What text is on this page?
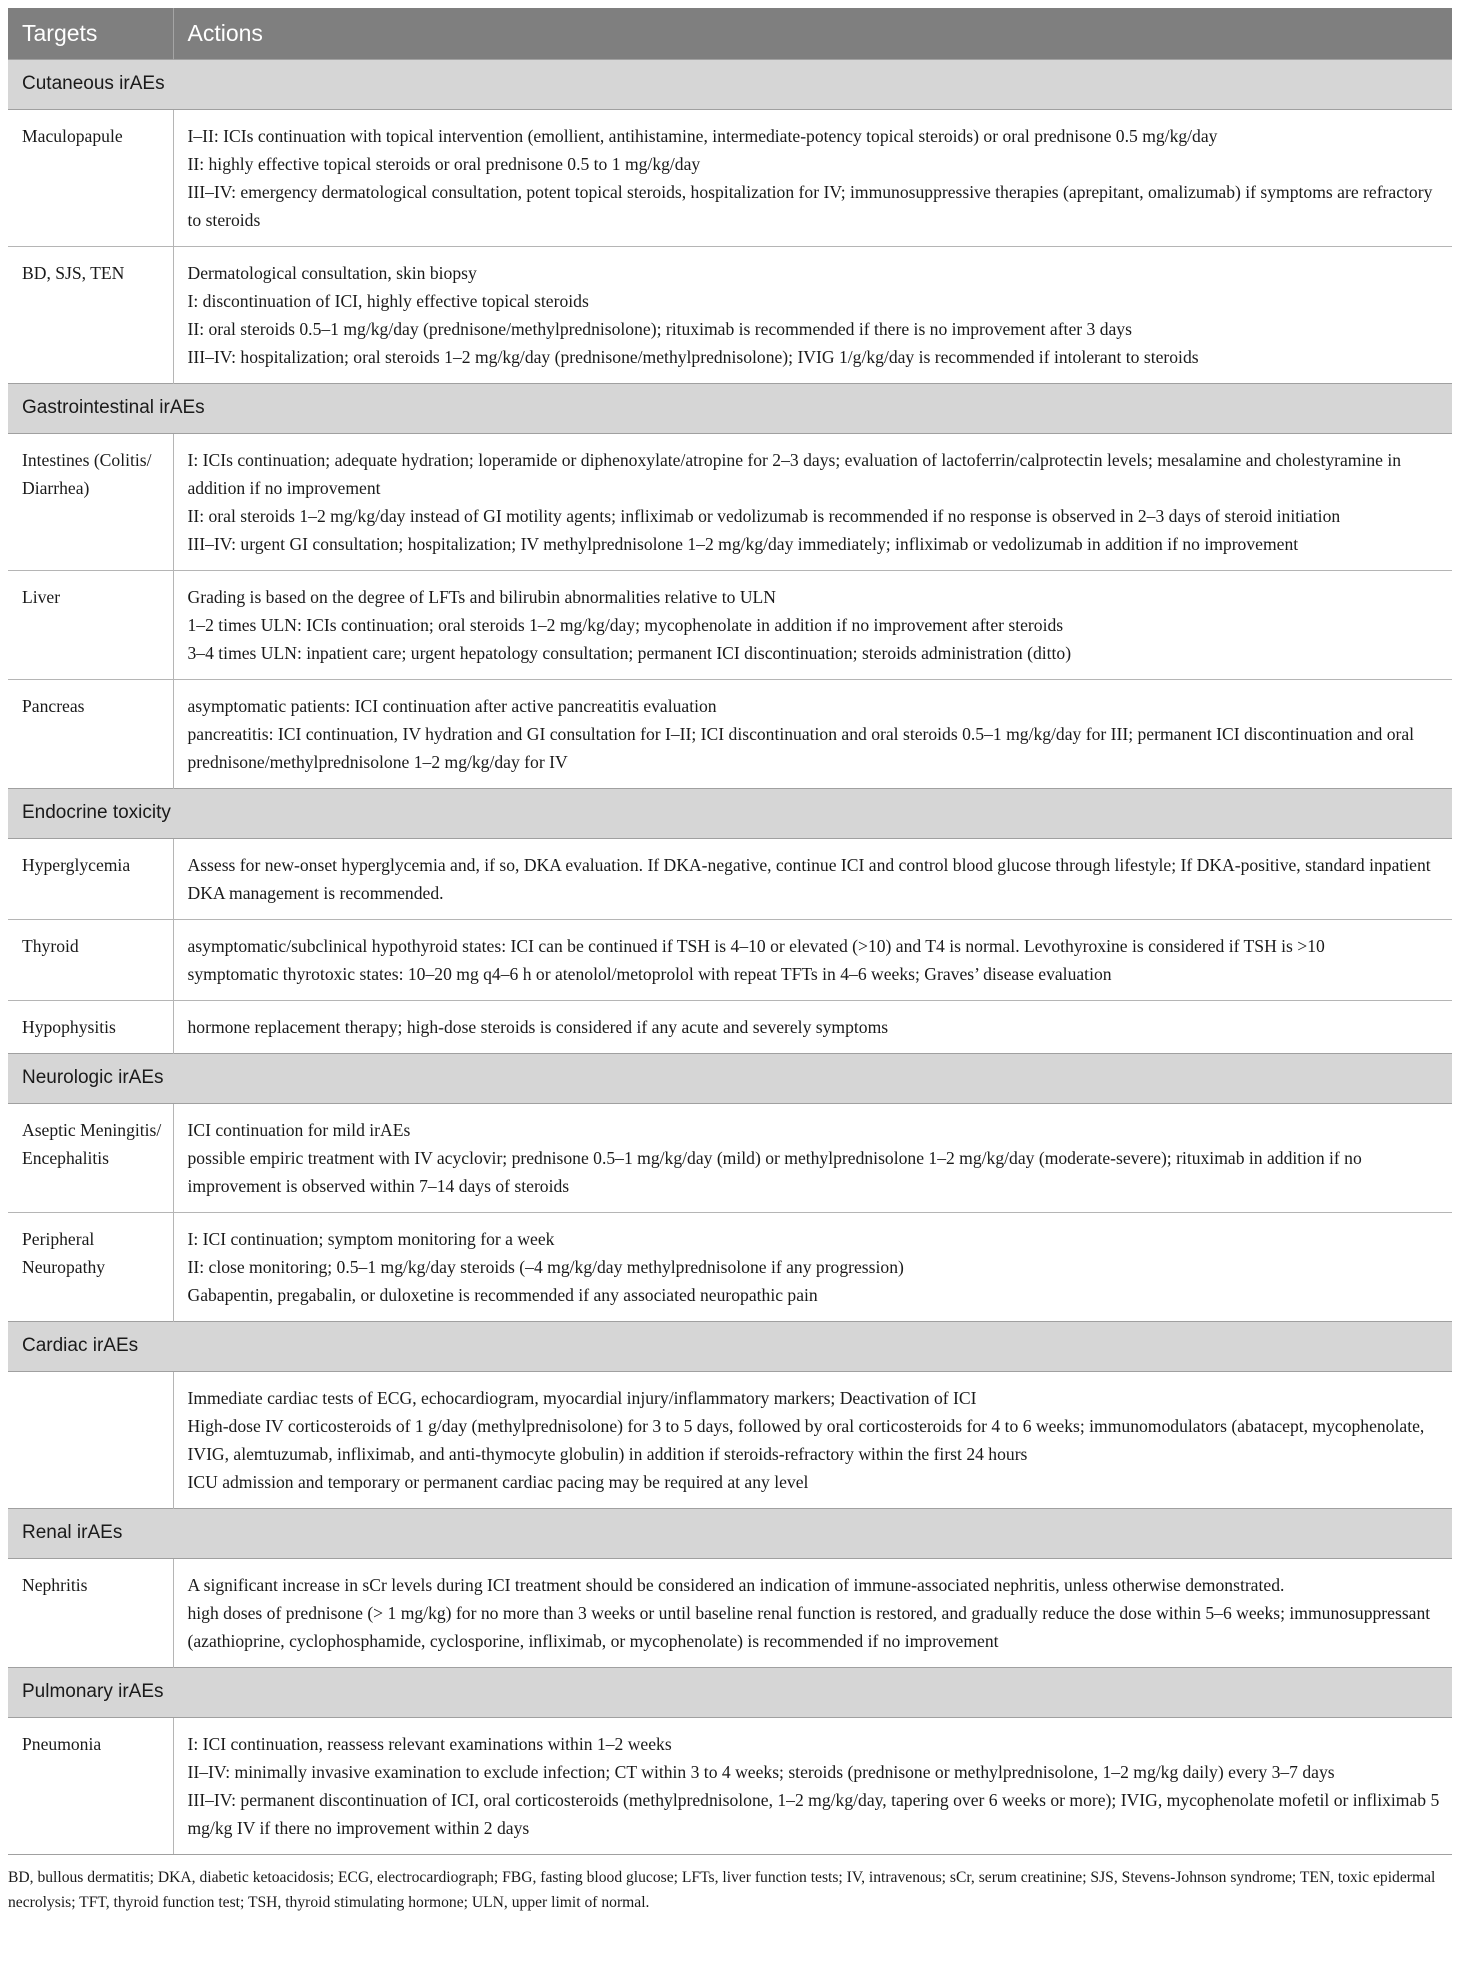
Targets	Actions
Cutaneous irAEs	
Maculopapule	I–II: ICIs continuation with topical intervention (emollient, antihistamine, intermediate-potency topical steroids) or oral prednisone 0.5 mg/kg/day
II: highly effective topical steroids or oral prednisone 0.5 to 1 mg/kg/day
III–IV: emergency dermatological consultation, potent topical steroids, hospitalization for IV; immunosuppressive therapies (aprepitant, omalizumab) if symptoms are refractory to steroids

BD, SJS, TEN	Dermatological consultation, skin biopsy
I: discontinuation of ICI, highly effective topical steroids
II: oral steroids 0.5–1 mg/kg/day (prednisone/methylprednisolone); rituximab is recommended if there is no improvement after 3 days
III–IV: hospitalization; oral steroids 1–2 mg/kg/day (prednisone/methylprednisolone); IVIG 1/g/kg/day is recommended if intolerant to steroids

Gastrointestinal irAEs	
Intestines (Colitis/ Diarrhea)	I: ICIs continuation; adequate hydration; loperamide or diphenoxylate/atropine for 2–3 days; evaluation of lactoferrin/calprotectin levels; mesalamine and cholestyramine in addition if no improvement
II: oral steroids 1–2 mg/kg/day instead of GI motility agents; infliximab or vedolizumab is recommended if no response is observed in 2–3 days of steroid initiation
III–IV: urgent GI consultation; hospitalization; IV methylprednisolone 1–2 mg/kg/day immediately; infliximab or vedolizumab in addition if no improvement

Liver	Grading is based on the degree of LFTs and bilirubin abnormalities relative to ULN
1–2 times ULN: ICIs continuation; oral steroids 1–2 mg/kg/day; mycophenolate in addition if no improvement after steroids
3–4 times ULN: inpatient care; urgent hepatology consultation; permanent ICI discontinuation; steroids administration (ditto)

Pancreas	asymptomatic patients: ICI continuation after active pancreatitis evaluation
pancreatitis: ICI continuation, IV hydration and GI consultation for I–II; ICI discontinuation and oral steroids 0.5–1 mg/kg/day for III; permanent ICI discontinuation and oral prednisone/methylprednisolone 1–2 mg/kg/day for IV

Endocrine toxicity	
Hyperglycemia	Assess for new-onset hyperglycemia and, if so, DKA evaluation. If DKA-negative, continue ICI and control blood glucose through lifestyle; If DKA-positive, standard inpatient DKA management is recommended.

Thyroid	asymptomatic/subclinical hypothyroid states: ICI can be continued if TSH is 4–10 or elevated (>10) and T4 is normal. Levothyroxine is considered if TSH is >10
symptomatic thyrotoxic states: 10–20 mg q4–6 h or atenolol/metoprolol with repeat TFTs in 4–6 weeks; Graves’ disease evaluation

Hypophysitis	hormone replacement therapy; high-dose steroids is considered if any acute and severely symptoms

Neurologic irAEs	
Aseptic Meningitis/ Encephalitis	ICI continuation for mild irAEs
possible empiric treatment with IV acyclovir; prednisone 0.5–1 mg/kg/day (mild) or methylprednisolone 1–2 mg/kg/day (moderate-severe); rituximab in addition if no improvement is observed within 7–14 days of steroids

Peripheral Neuropathy	I: ICI continuation; symptom monitoring for a week
II: close monitoring; 0.5–1 mg/kg/day steroids (–4 mg/kg/day methylprednisolone if any progression)
Gabapentin, pregabalin, or duloxetine is recommended if any associated neuropathic pain

Cardiac irAEs	

	Immediate cardiac tests of ECG, echocardiogram, myocardial injury/inflammatory markers; Deactivation of ICI
High-dose IV corticosteroids of 1 g/day (methylprednisolone) for 3 to 5 days, followed by oral corticosteroids for 4 to 6 weeks; immunomodulators (abatacept, mycophenolate, IVIG, alemtuzumab, infliximab, and anti-thymocyte globulin) in addition if steroids-refractory within the first 24 hours
ICU admission and temporary or permanent cardiac pacing may be required at any level

Renal irAEs	
Nephritis	A significant increase in sCr levels during ICI treatment should be considered an indication of immune-associated nephritis, unless otherwise demonstrated.
high doses of prednisone (> 1 mg/kg) for no more than 3 weeks or until baseline renal function is restored, and gradually reduce the dose within 5–6 weeks; immunosuppressant (azathioprine, cyclophosphamide, cyclosporine, infliximab, or mycophenolate) is recommended if no improvement

Pulmonary irAEs	
Pneumonia	I: ICI continuation, reassess relevant examinations within 1–2 weeks
II–IV: minimally invasive examination to exclude infection; CT within 3 to 4 weeks; steroids (prednisone or methylprednisolone, 1–2 mg/kg daily) every 3–7 days
III–IV: permanent discontinuation of ICI, oral corticosteroids (methylprednisolone, 1–2 mg/kg/day, tapering over 6 weeks or more); IVIG, mycophenolate mofetil or infliximab 5 mg/kg IV if there no improvement within 2 days
BD, bullous dermatitis; DKA, diabetic ketoacidosis; ECG, electrocardiograph; FBG, fasting blood glucose; LFTs, liver function tests; IV, intravenous; sCr, serum creatinine; SJS, Stevens-Johnson syndrome; TEN, toxic epidermal necrolysis; TFT, thyroid function test; TSH, thyroid stimulating hormone; ULN, upper limit of normal.
